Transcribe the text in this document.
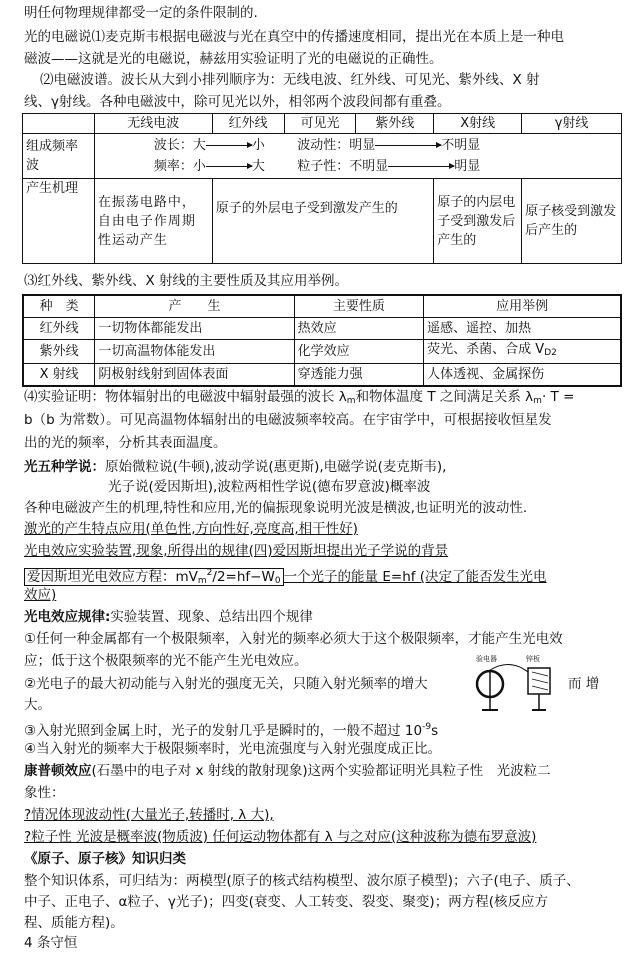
明任何物理规律都受一定的条件限制的.
光的电磁说⑴麦克斯韦根据电磁波与光在真空中的传播速度相同，提出光在本质上是一种电
磁波——这就是光的电磁说，赫兹用实验证明了光的电磁说的正确性。
⑵电磁波谱。波长从大到小排列顺序为：无线电波、红外线、可见光、紫外线、X 射
线、γ射线。各种电磁波中，除可见光以外，相邻两个波段间都有重叠。
	无线电波	红外线	可见光	紫外线	X射线	γ射线
组成频率波	波长：大 小 波动性：明显 不明显
频率：小 大 粒子性：不明显 明显					

产生机理	在振荡电路中，自由电子作周期性运动产生	原子的外层电子受到激发产生的			原子的内层电子受到激发后产生的	原子核受到激发后产生的
⑶红外线、紫外线、X 射线的主要性质及其应用举例。
种　类	产　　生	主要性质	应用举例
红外线	一切物体都能发出	热效应	遥感、遥控、加热
紫外线	一切高温物体能发出	化学效应	荧光、杀菌、合成 $V_{D2}$
X 射线	阴极射线射到固体表面	穿透能力强	人体透视、金属探伤
⑷实验证明：物体辐射出的电磁波中辐射最强的波长 $\lambda_m$和物体温度 T 之间满足关系 $\lambda_m\cdot T$ =
b（b 为常数）。可见高温物体辐射出的电磁波频率较高。在宇宙学中，可根据接收恒星发
出的光的频率，分析其表面温度。
光五种学说：原始微粒说(牛顿),波动学说(惠更斯),电磁学说(麦克斯韦),
光子说(爱因斯坦),波粒两相性学说(德布罗意波)概率波
各种电磁波产生的机理,特性和应用,光的偏振现象说明光波是横波,也证明光的波动性.
激光的产生特点应用(单色性,方向性好,亮度高,相干性好)
光电效应实验装置,现象,所得出的规律(四)爱因斯坦提出光子学说的背景
爱因斯坦光电效应方程：$mV_m^2/2=hf-W_0$ 一个光子的能量 E=hf (决定了能否发生光电
效应)
光电效应规律:实验装置、现象、总结出四个规律
①任何一种金属都有一个极限频率，入射光的频率必须大于这个极限频率，才能产生光电效
应；低于这个极限频率的光不能产生光电效应。
②光电子的最大初动能与入射光的强度无关，只随入射光频率的增大	而 增
大。
验电器	锌板
③入射光照到金属上时，光子的发射几乎是瞬时的，一般不超过 $10^{-9}s$
④当入射光的频率大于极限频率时，光电流强度与入射光强度成正比。
康普顿效应(石墨中的电子对 x 射线的散射现象)这两个实验都证明光具粒子性　光波粒二
象性：
?情况体现波动性(大量光子,转播时, λ 大),
?粒子性 光波是概率波(物质波) 任何运动物体都有 λ 与之对应(这种波称为德布罗意波)
《原子、原子核》知识归类
整个知识体系，可归结为：两模型(原子的核式结构模型、波尔原子模型)；六子(电子、质子、
中子、正电子、α粒子、γ光子)；四变(衰变、人工转变、裂变、聚变)；两方程(核反应方
程、质能方程)。
4 条守恒
